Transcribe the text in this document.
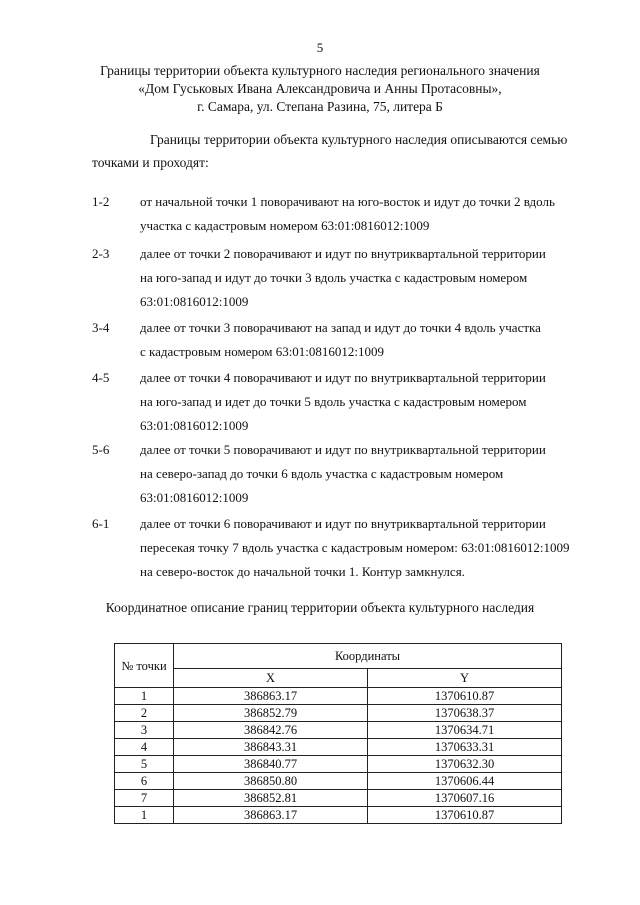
5
Границы территории объекта культурного наследия регионального значения
«Дом Гуськовых Ивана Александровича и Анны Протасовны»,
г. Самара, ул. Степана Разина, 75, литера Б
Границы территории объекта культурного наследия описываются семью
точками и проходят:
1-2	от начальной точки 1 поворачивают на юго-восток и идут до точки 2 вдоль
участка с кадастровым номером 63:01:0816012:1009
2-3	далее от точки 2 поворачивают и идут по внутриквартальной территории
на юго-запад и идут до точки 3 вдоль участка с кадастровым номером
63:01:0816012:1009
3-4	далее от точки 3 поворачивают на запад и идут до точки 4 вдоль участка
с кадастровым номером 63:01:0816012:1009
4-5	далее от точки 4 поворачивают и идут по внутриквартальной территории
на юго-запад и идет до точки 5 вдоль участка с кадастровым номером
63:01:0816012:1009
5-6	далее от точки 5 поворачивают и идут по внутриквартальной территории
на северо-запад до точки 6 вдоль участка с кадастровым номером
63:01:0816012:1009
6-1	далее от точки 6 поворачивают и идут по внутриквартальной территории
пересекая точку 7 вдоль участка с кадастровым номером: 63:01:0816012:1009
на северо-восток до начальной точки 1. Контур замкнулся.
Координатное описание границ территории объекта культурного наследия
№ точки	Координаты	
	X	Y
1	386863.17	1370610.87
2	386852.79	1370638.37
3	386842.76	1370634.71
4	386843.31	1370633.31
5	386840.77	1370632.30
6	386850.80	1370606.44
7	386852.81	1370607.16
1	386863.17	1370610.87
